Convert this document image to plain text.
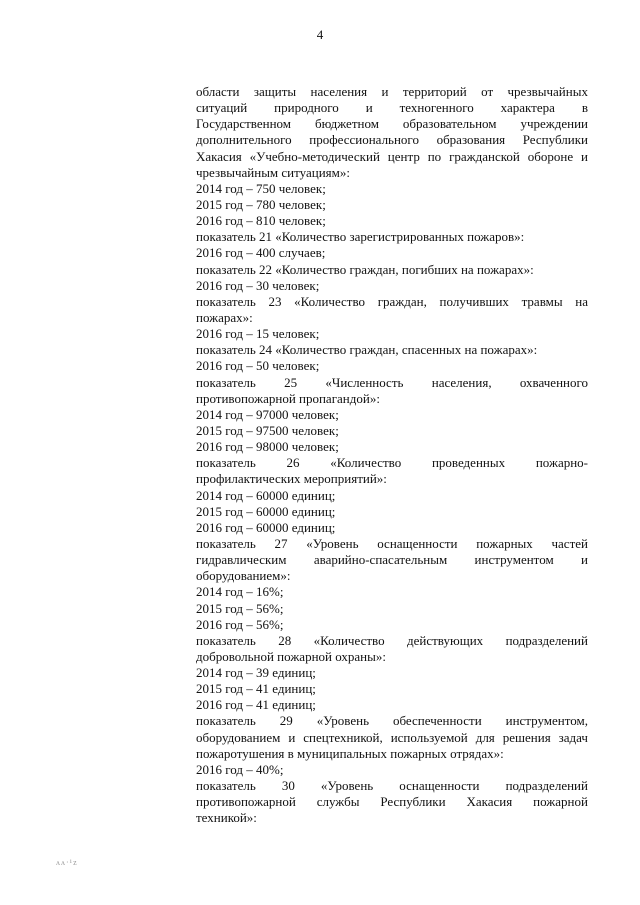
4
области защиты населения и территорий от чрезвычайных
ситуаций природного и техногенного характера в
Государственном бюджетном образовательном учреждении
дополнительного профессионального образования Республики
Хакасия «Учебно-методический центр по гражданской обороне и
чрезвычайным ситуациям»:
2014 год – 750 человек;
2015 год – 780 человек;
2016 год – 810 человек;
показатель 21 «Количество зарегистрированных пожаров»:
2016 год – 400 случаев;
показатель 22 «Количество граждан, погибших на пожарах»:
2016 год – 30 человек;
показатель 23 «Количество граждан, получивших травмы на
пожарах»:
2016 год – 15 человек;
показатель 24 «Количество граждан, спасенных на пожарах»:
2016 год – 50 человек;
показатель 25 «Численность населения, охваченного
противопожарной пропагандой»:
2014 год – 97000 человек;
2015 год – 97500 человек;
2016 год – 98000 человек;
показатель 26 «Количество проведенных пожарно-
профилактических мероприятий»:
2014 год – 60000 единиц;
2015 год – 60000 единиц;
2016 год – 60000 единиц;
показатель 27 «Уровень оснащенности пожарных частей
гидравлическим аварийно-спасательным инструментом и
оборудованием»:
2014 год – 16%;
2015 год – 56%;
2016 год – 56%;
показатель 28 «Количество действующих подразделений
добровольной пожарной охраны»:
2014 год – 39 единиц;
2015 год – 41 единиц;
2016 год – 41 единиц;
показатель 29 «Уровень обеспеченности инструментом,
оборудованием и спецтехникой, используемой для решения задач
пожаротушения в муниципальных пожарных отрядах»:
2016 год – 40%;
показатель 30 «Уровень оснащенности подразделений
противопожарной службы Республики Хакасия пожарной
техникой»:
ᴧᴧ·¹ᴢ
